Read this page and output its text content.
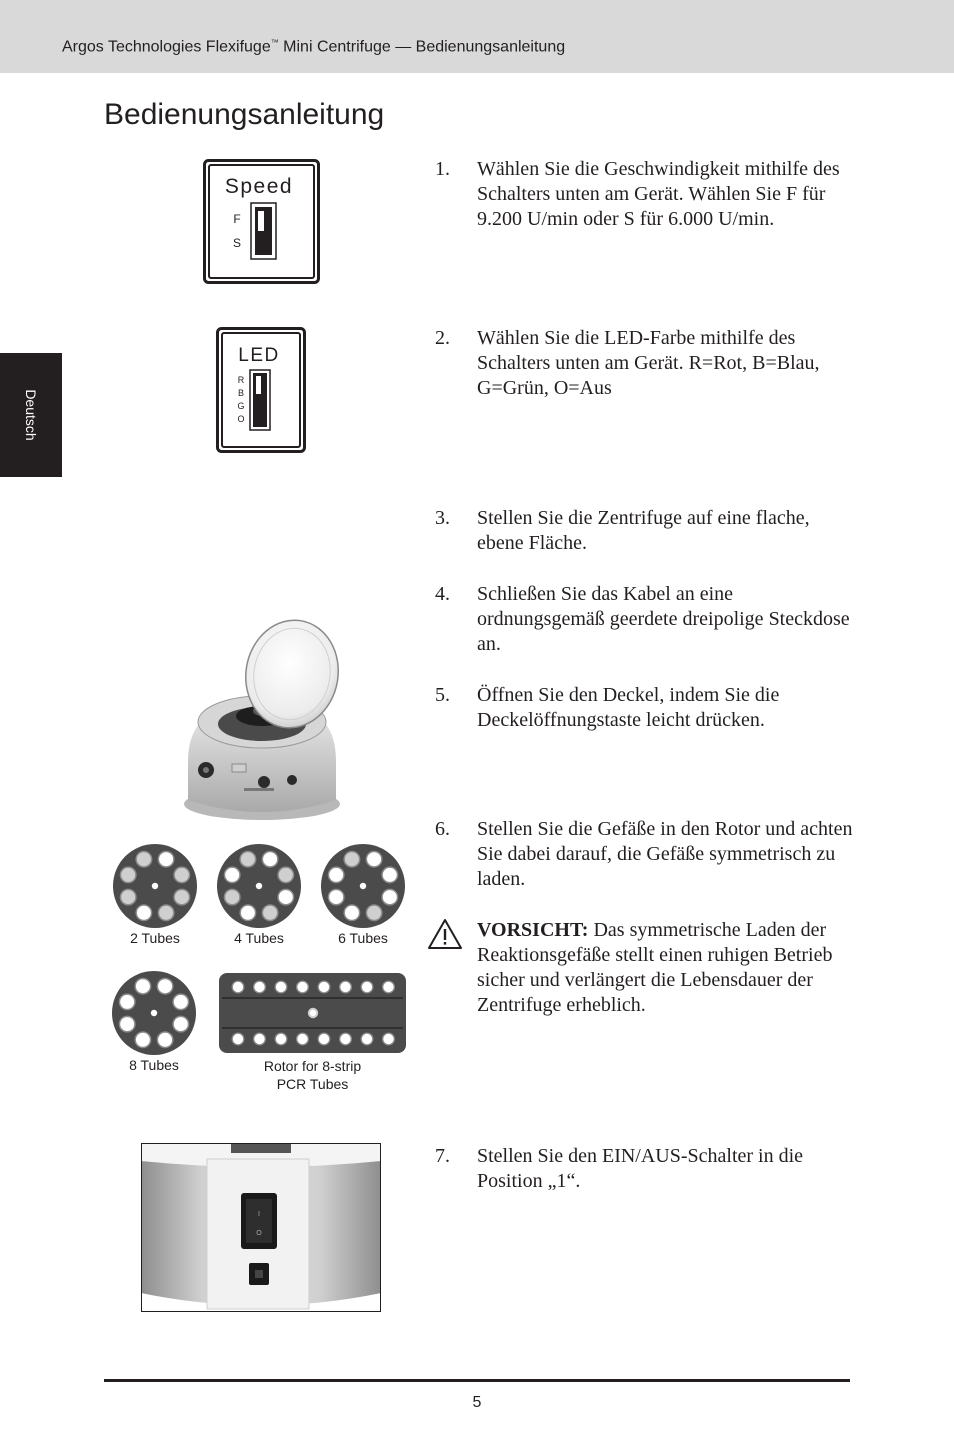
Argos Technologies Flexifuge™ Mini Centrifuge — Bedienungsanleitung
Bedienungsanleitung
Deutsch
Speed
F
S
LED
R
B
G
O
2 Tubes	4 Tubes	6 Tubes
8 Tubes	Rotor for 8-strip
PCR Tubes
I
O
1. Wählen Sie die Geschwindigkeit mithilfe des Schalters unten am Gerät. Wählen Sie F für 9.200 U/min oder S für 6.000 U/min.
2. Wählen Sie die LED-Farbe mithilfe des Schalters unten am Gerät. R=Rot, B=Blau, G=Grün, O=Aus
3. Stellen Sie die Zentrifuge auf eine flache, ebene Fläche.
4. Schließen Sie das Kabel an eine ordnungsgemäß geerdete dreipolige Steckdose an.
5. Öffnen Sie den Deckel, indem Sie die Deckelöffnungstaste leicht drücken.
6. Stellen Sie die Gefäße in den Rotor und achten Sie dabei darauf, die Gefäße symmetrisch zu laden.
VORSICHT: Das symmetrische Laden der Reaktionsgefäße stellt einen ruhigen Betrieb sicher und verlängert die Lebensdauer der Zentrifuge erheblich.
7. Stellen Sie den EIN/AUS-Schalter in die Position „1“.
5
